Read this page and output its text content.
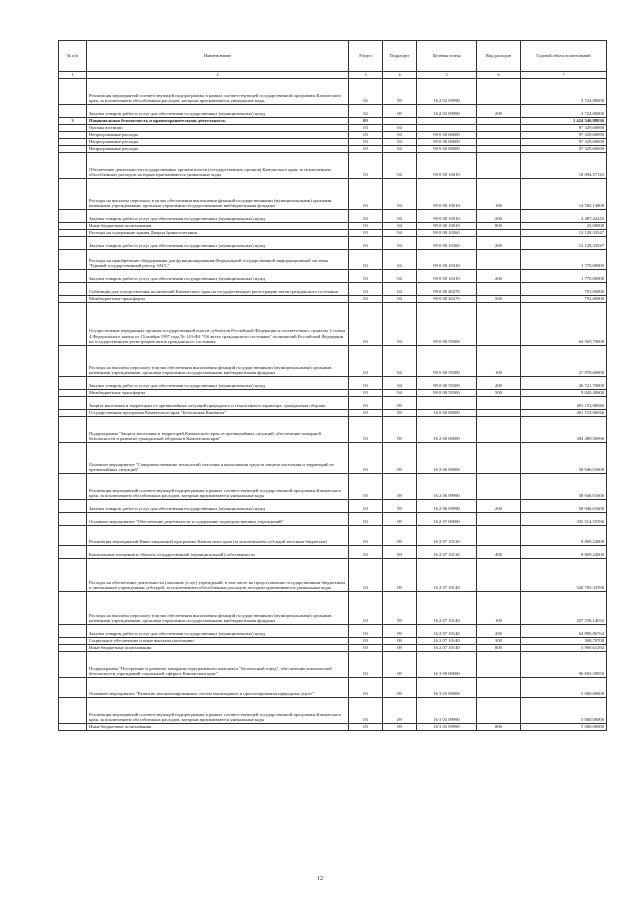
№ п/п	Наименование	Раздел	Подраздел	Целевая статья	Вид расходов	Годовой объем ассигнований
1	2	3	4	5	6	7
	Реализация мероприятий соответствующей подпрограммы в рамках соответствующей государственной программы Камчатского края, за исключением обособленных расходов, которым присваиваются уникальные коды	02	09	16 2 02 09990		3 724,80000
	Закупка товаров, работ и услуг для обеспечения государственных (муниципальных) нужд	02	09	16 2 02 09990	200	3 724,80000
3	Национальная безопасность и правоохранительная деятельность	03				1 424 546,88036
	Органы юстиции	03	04			97 329,60690
	Непрограммные расходы	03	04	99 0 00 00000		97 329,60690
	Непрограммные расходы	03	04	99 0 00 00000		97 329,60690
	Непрограммные расходы	03	04	99 0 00 00000		97 329,60690
	Обеспечение деятельности государственных органов власти (государственных органов) Камчатского края, за исключением обособленных расходов, которым присваиваются уникальные коды	03	04	99 0 00 10010		18 094,57143
	Расходы на выплаты персоналу в целях обеспечения выполнения функций государственными (муниципальными) органами, казенными учреждениями, органами управления государственными внебюджетными фондами	03	04	99 0 00 10010	100	14 582,14800
	Закупка товаров, работ и услуг для обеспечения государственных (муниципальных) нужд	03	04	99 0 00 10010	200	3 487,42243
	Иные бюджетные ассигнования	03	04	99 0 00 10010	800	25,00000
	Расходы на содержание здания Дворца бракосочетания	03	04	99 0 00 10360		12 128,33547
	Закупка товаров, работ и услуг для обеспечения государственных (муниципальных) нужд	03	04	99 0 00 10360	200	12 128,33547
	Расходы на приобретение оборудования для функционирования Федеральной государственной информационной системы "Единый государственный реестр ЗАГС"	03	04	99 0 00 10410		1 770,00000
	Закупка товаров, работ и услуг для обеспечения государственных (муниципальных) нужд	03	04	99 0 00 10410	200	1 770,00000
	Субвенции для осуществления полномочий Камчатского края на государственную регистрацию актов гражданского состояния	03	04	99 0 00 40270		791,00000
	Межбюджетные трансферты	03	04	99 0 00 40270	500	791,00000
	Осуществление переданных органам государственной власти субъектов Российской Федерации в соответствии с пунктом 1 статьи 4 Федерального закона от 15 ноября 1997 года № 143-ФЗ "Об актах гражданского состояния" полномочий Российской Федерации на государственную регистрацию актов гражданского состояния	03	04	99 0 00 59300		64 565,70000
	Расходы на выплаты персоналу в целях обеспечения выполнения функций государственными (муниципальными) органами, казенными учреждениями, органами управления государственными внебюджетными фондами	03	04	99 0 00 59300	100	27 978,60000
	Закупка товаров, работ и услуг для обеспечения государственных (муниципальных) нужд	03	04	99 0 00 59300	200	26 721,70000
	Межбюджетные трансферты	03	04	99 0 00 59300	500	9 845,40000
	Защита населения и территории от чрезвычайных ситуаций природного и техногенного характера, гражданская оборона	03	09			401 153,96946
	Государственная программа Камчатского края "Безопасная Камчатка"	03	09	16 0 00 00000		401 153,96946
	Подпрограмма "Защита населения и территорий Камчатского края от чрезвычайных ситуаций, обеспечение пожарной безопасности и развитие гражданской обороны в Камчатском крае"	03	09	16 2 00 00000		394 489,56996
	Основное мероприятие "Совершенствование технологий спасения и выполнения средств защиты населения и территорий от чрезвычайных ситуаций"	03	09	16 2 06 00000		58 946,01600
	Реализация мероприятий соответствующей подпрограммы в рамках соответствующей государственной программы Камчатского края, за исключением обособленных расходов, которым присваиваются уникальные коды	03	09	16 2 06 09990		58 946,01600
	Закупка товаров, работ и услуг для обеспечения государственных (муниципальных) нужд	03	09	16 2 06 09990	200	58 946,01600
	Основное мероприятие "Обеспечение деятельности и содержание подведомственных учреждений"	03	09	16 2 07 00000		335 514,55396
	Реализация мероприятий Инвестиционной программы Камчатского края (за исключением субсидий местным бюджетам)	03	09	16 2 07 10130		8 809,22000
	Капитальные вложения в объекты государственной (муниципальной) собственности	03	09	16 2 07 10130	400	8 809,22000
	Расходы на обеспечение деятельности (оказание услуг) учреждений, в том числе на предоставление государственным бюджетным и автономным учреждениям субсидий, за исключением обособленных расходов, которым присваиваются уникальные коды	03	09	16 2 07 10140		326 705,33396
	Расходы на выплаты персоналу в целях обеспечения выполнения функций государственными (муниципальными) органами, казенными учреждениями, органами управления государственными внебюджетными фондами	03	09	16 2 07 10140	100	257 536,14032
	Закупка товаров, работ и услуг для обеспечения государственных (муниципальных) нужд	03	09	16 2 07 10140	200	64 890,86764
	Социальное обеспечение и иные выплаты населению	03	09	16 2 07 10140	300	308,70708
	Иные бюджетные ассигнования	03	09	16 2 07 10140	800	3 969,61292
	Подпрограмма "Построение и развитие аппаратно-программного комплекса "Безопасный город", обеспечение комплексной безопасности учреждений социальной сферы в Камчатском крае"	03	09	16 3 00 00000		96 693,39950
	Основное мероприятие "Развитие автоматизированных систем мониторинга и прогнозирования природных угроз"	03	09	16 3 03 00000		5 000,00000
	Реализация мероприятий соответствующей подпрограммы в рамках соответствующей государственной программы Камчатского края, за исключением обособленных расходов, которым присваиваются уникальные коды	03	09	16 3 03 09990		5 000,00000
	Иные бюджетные ассигнования	03	09	16 3 03 09990	800	5 000,00000
12
